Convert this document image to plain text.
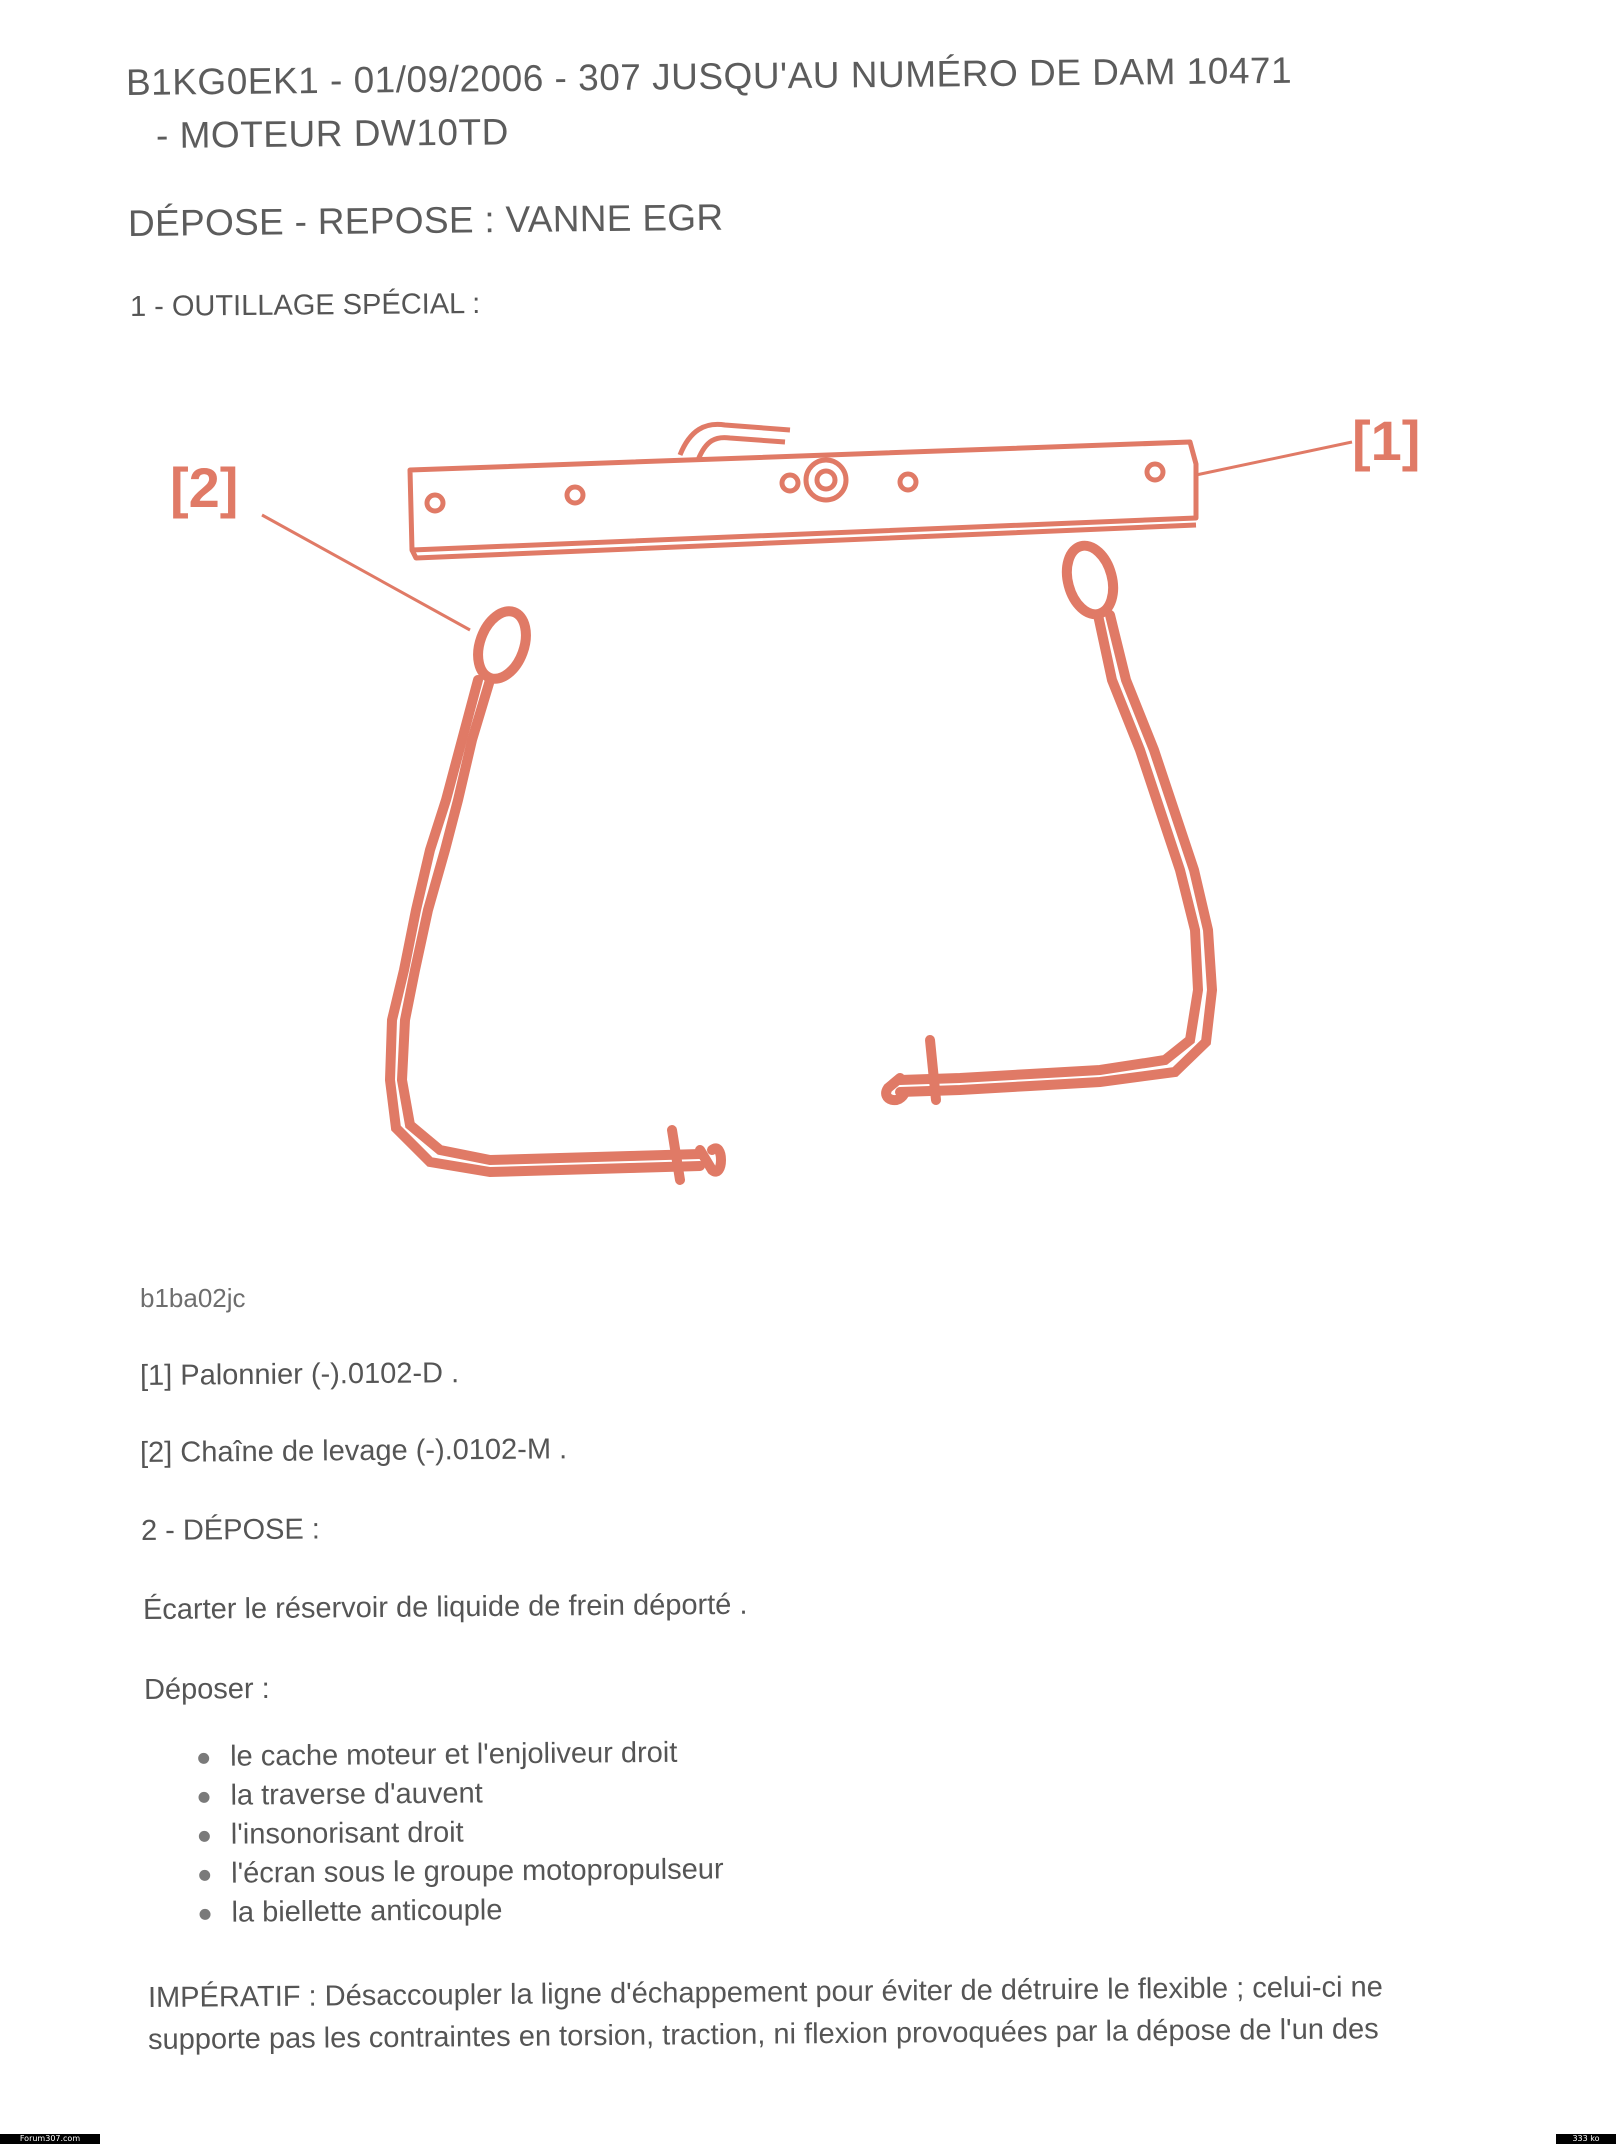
B1KG0EK1 - 01/09/2006 - 307 JUSQU'AU NUMÉRO DE DAM 10471
- MOTEUR DW10TD
DÉPOSE - REPOSE : VANNE EGR
1 - OUTILLAGE SPÉCIAL :
[1]
[2]
b1ba02jc
[1] Palonnier (-).0102-D .
[2] Chaîne de levage (-).0102-M .
2 - DÉPOSE :
Écarter le réservoir de liquide de frein déporté .
Déposer :
le cache moteur et l'enjoliveur droit
la traverse d'auvent
l'insonorisant droit
l'écran sous le groupe motopropulseur
la biellette anticouple
IMPÉRATIF : Désaccoupler la ligne d'échappement pour éviter de détruire le flexible ; celui-ci ne
supporte pas les contraintes en torsion, traction, ni flexion provoquées par la dépose de l'un des
Forum307.com	333 ko
